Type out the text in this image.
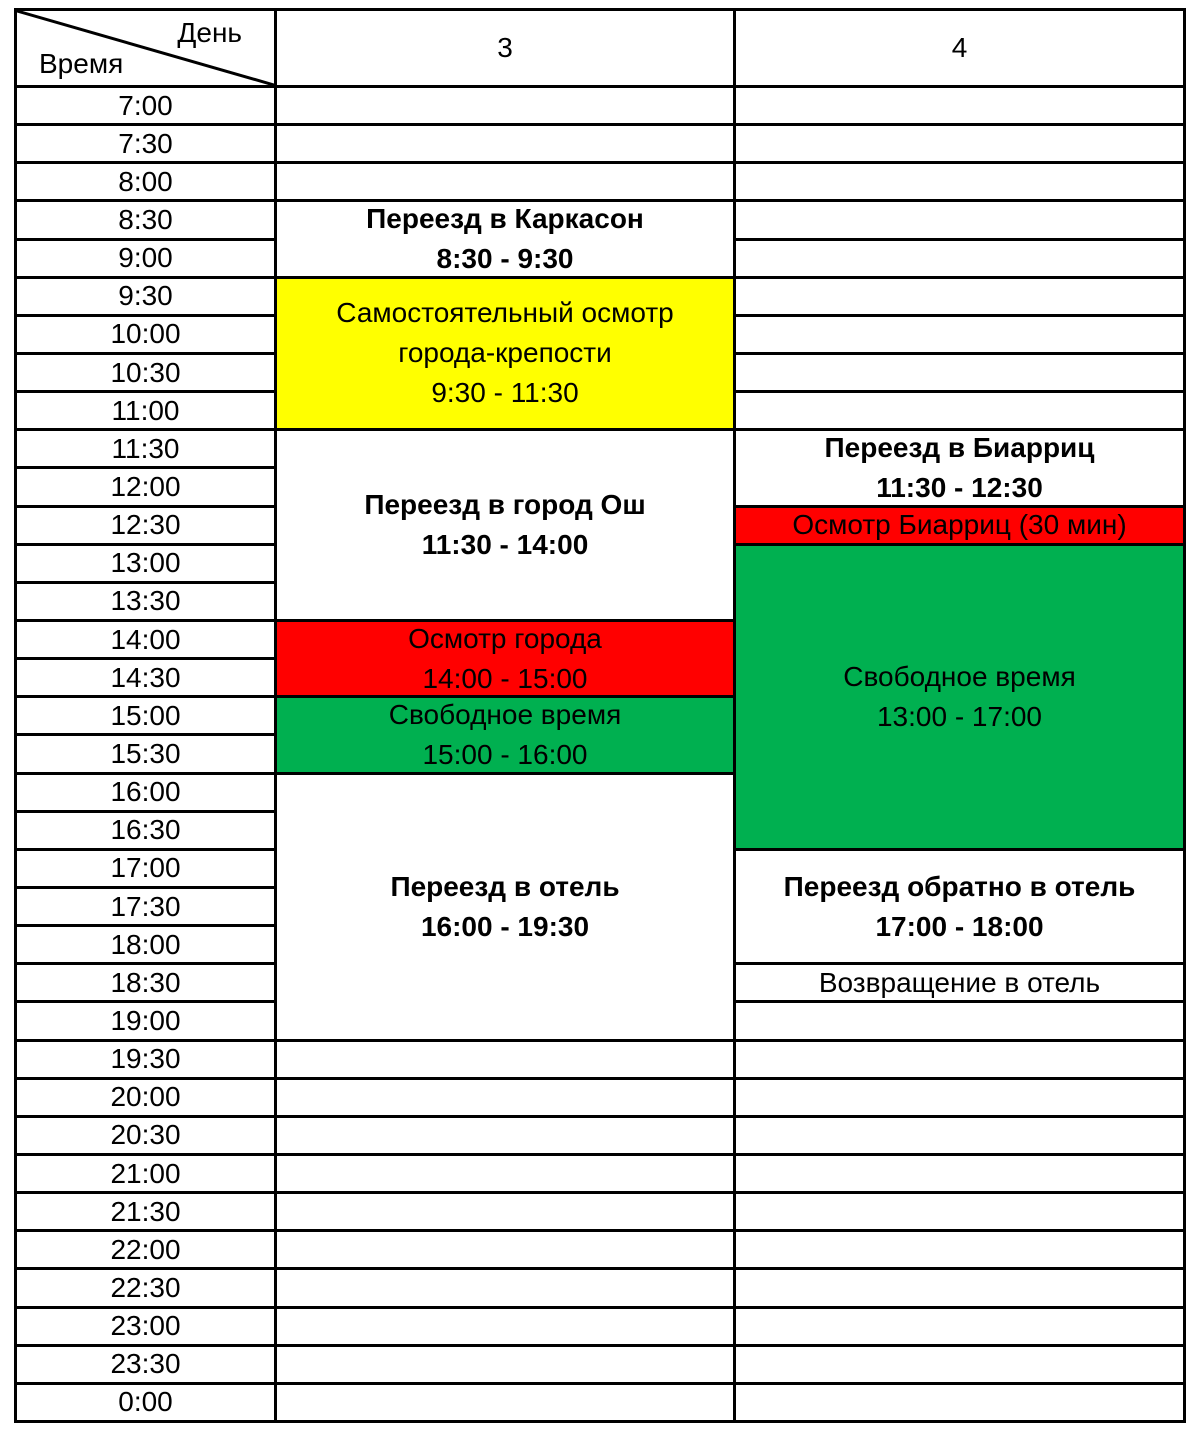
День
Время
3	4
7:00
7:30
8:00
8:30
9:00
9:30
10:00
10:30
11:00
11:30
12:00
12:30
13:00
13:30
14:00
14:30
15:00
15:30
16:00
16:30
17:00
17:30
18:00
18:30
19:00
19:30
20:00
20:30
21:00
21:30
22:00
22:30
23:00
23:30
0:00
Переезд в Каркасон
8:30 - 9:30
Самостоятельный осмотр
города-крепости
9:30 - 11:30
Переезд в город Ош
11:30 - 14:00
Осмотр города
14:00 - 15:00
Свободное время
15:00 - 16:00
Переезд в отель
16:00 - 19:30
Переезд в Биарриц
11:30 - 12:30
Осмотр Биарриц (30 мин)
Свободное время
13:00 - 17:00
Переезд обратно в отель
17:00 - 18:00
Возвращение в отель
